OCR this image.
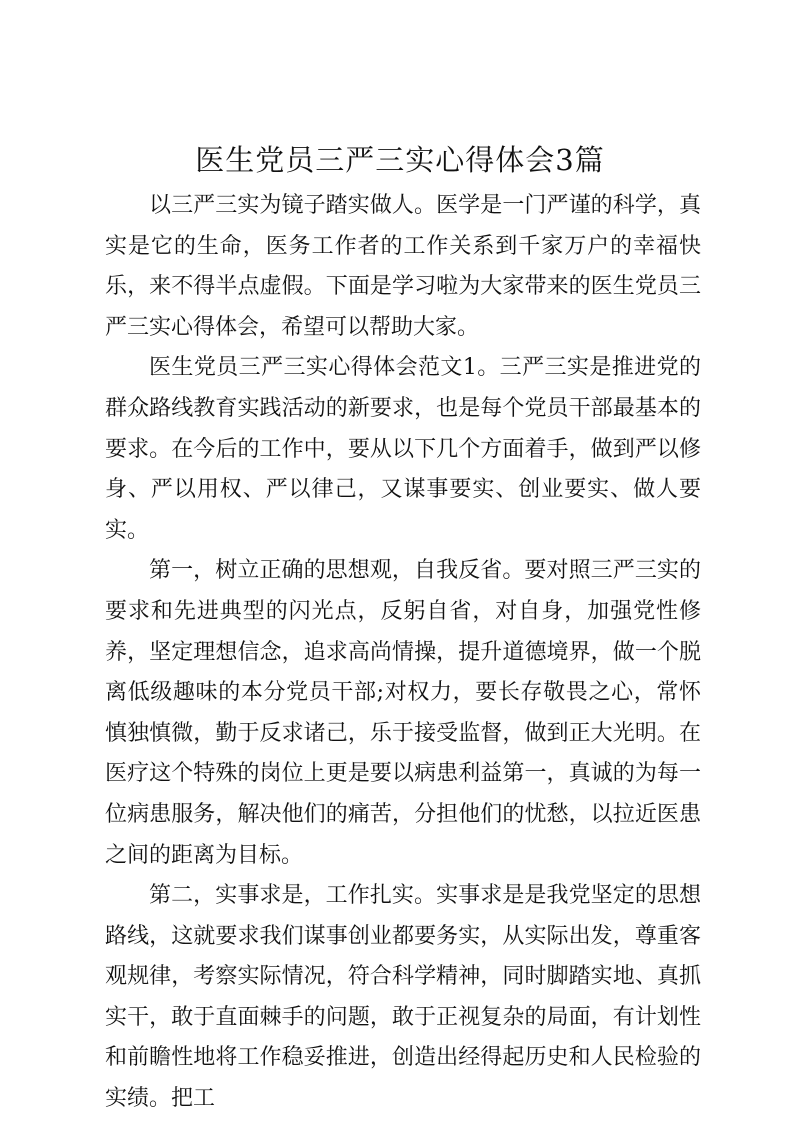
医生党员三严三实心得体会3篇

以三严三实为镜子踏实做人。医学是一门严谨的科学，真实是它的生命，医务工作者的工作关系到千家万户的幸福快乐，来不得半点虚假。下面是学习啦为大家带来的医生党员三严三实心得体会，希望可以帮助大家。

医生党员三严三实心得体会范文1。三严三实是推进党的群众路线教育实践活动的新要求，也是每个党员干部最基本的要求。在今后的工作中，要从以下几个方面着手，做到严以修身、严以用权、严以律己，又谋事要实、创业要实、做人要实。

第一，树立正确的思想观，自我反省。要对照三严三实的要求和先进典型的闪光点，反躬自省，对自身，加强党性修养，坚定理想信念，追求高尚情操，提升道德境界，做一个脱离低级趣味的本分党员干部;对权力，要长存敬畏之心，常怀慎独慎微，勤于反求诸己，乐于接受监督，做到正大光明。在医疗这个特殊的岗位上更是要以病患利益第一，真诚的为每一位病患服务，解决他们的痛苦，分担他们的忧愁，以拉近医患之间的距离为目标。

第二，实事求是，工作扎实。实事求是是我党坚定的思想路线，这就要求我们谋事创业都要务实，从实际出发，尊重客观规律，考察实际情况，符合科学精神，同时脚踏实地、真抓实干，敢于直面棘手的问题，敢于正视复杂的局面，有计划性和前瞻性地将工作稳妥推进，创造出经得起历史和人民检验的实绩。把工
